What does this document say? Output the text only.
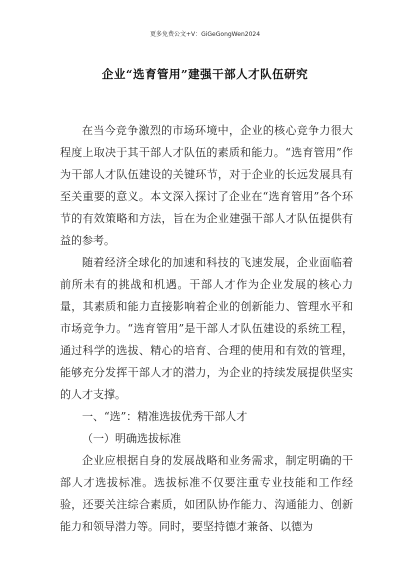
更多免费公文+V：GiGeGongWen2024
企业“选育管用”建强干部人才队伍研究

在当今竞争激烈的市场环境中，企业的核心竞争力很大程度上取决于其干部人才队伍的素质和能力。“选育管用”作为干部人才队伍建设的关键环节，对于企业的长远发展具有至关重要的意义。本文深入探讨了企业在“选育管用”各个环节的有效策略和方法，旨在为企业建强干部人才队伍提供有益的参考。

随着经济全球化的加速和科技的飞速发展，企业面临着前所未有的挑战和机遇。干部人才作为企业发展的核心力量，其素质和能力直接影响着企业的创新能力、管理水平和市场竞争力。“选育管用”是干部人才队伍建设的系统工程，通过科学的选拔、精心的培育、合理的使用和有效的管理，能够充分发挥干部人才的潜力，为企业的持续发展提供坚实的人才支撑。

一、“选”：精准选拔优秀干部人才

（一）明确选拔标准

企业应根据自身的发展战略和业务需求，制定明确的干部人才选拔标准。选拔标准不仅要注重专业技能和工作经验，还要关注综合素质，如团队协作能力、沟通能力、创新能力和领导潜力等。同时，要坚持德才兼备、以德为
